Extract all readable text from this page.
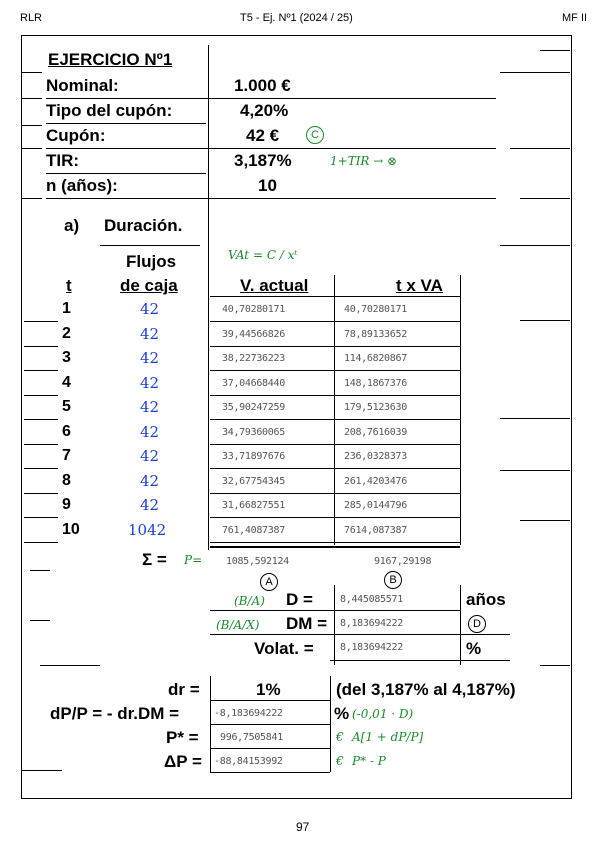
RLR	T5 - Ej. Nº1 (2024 / 25)	MF II
EJERCICIO Nº1
Nominal:	1.000 €
Tipo del cupón:	4,20%
Cupón:	42 €	C
TIR:	3,187%	1+TIR → ⊗
n (años):	10
a) Duración.
VAt = C / xᵗ
Flujos
t	de caja	V. actual	t x VA
1	42	40,70280171	40,70280171
2	42	39,44566826	78,89133652
3	42	38,22736223	114,6820867
4	42	37,04668440	148,1867376
5	42	35,90247259	179,5123630
6	42	34,79360065	208,7616039
7	42	33,71897676	236,0328373
8	42	32,67754345	261,4203476
9	42	31,66827551	285,0144796
10	1042	761,4087387	7614,087387
Σ = P= 1085,592124	9167,29198
A	B
(B/A) D =	8,445085571	años
(B/A/X) DM = 8,183694222	D
Volat. =	8,183694222	%
dr =	1%	(del 3,187% al 4,187%)
dP/P = - dr.DM =	-8,183694222	% (-0,01 · D)
P* = 996,7505841	€ A[1 + dP/P]
ΔP = -88,84153992	€ P* - P
97
